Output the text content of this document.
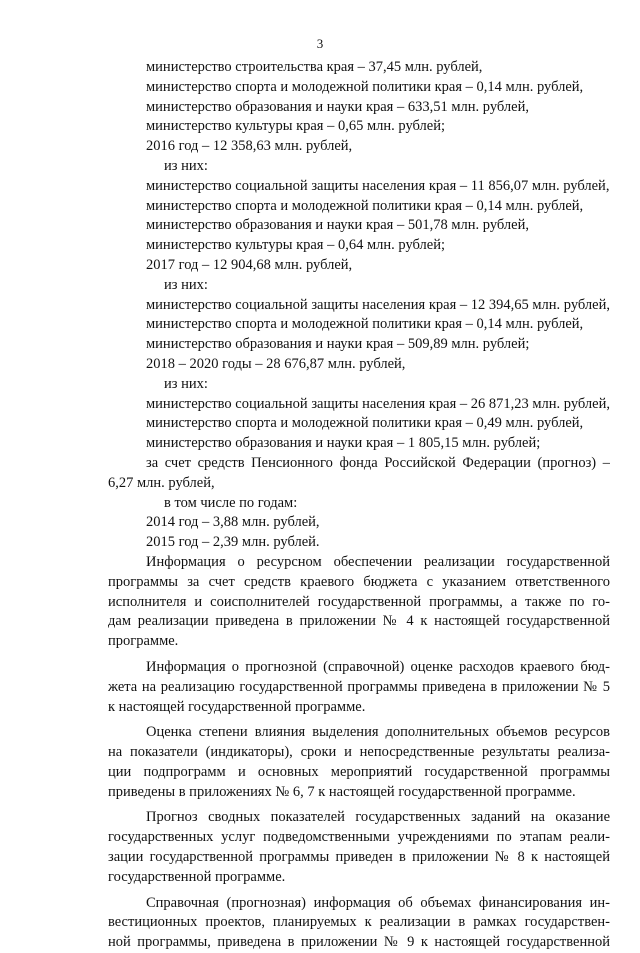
3
министерство строительства края – 37,45 млн. рублей,
министерство спорта и молодежной политики края – 0,14 млн. рублей,
министерство образования и науки края – 633,51 млн. рублей,
министерство культуры края – 0,65 млн. рублей;
2016 год – 12 358,63 млн. рублей,
из них:
министерство социальной защиты населения края – 11 856,07 млн. рублей,
министерство спорта и молодежной политики края – 0,14 млн. рублей,
министерство образования и науки края – 501,78 млн. рублей,
министерство культуры края – 0,64 млн. рублей;
2017 год – 12 904,68 млн. рублей,
из них:
министерство социальной защиты населения края – 12 394,65 млн. рублей,
министерство спорта и молодежной политики края – 0,14 млн. рублей,
министерство образования и науки края – 509,89 млн. рублей;
2018 – 2020 годы – 28 676,87 млн. рублей,
из них:
министерство социальной защиты населения края – 26 871,23 млн. рублей,
министерство спорта и молодежной политики края – 0,49 млн. рублей,
министерство образования и науки края – 1 805,15 млн. рублей;
за счет средств Пенсионного фонда Российской Федерации (прогноз) –
6,27 млн. рублей,
в том числе по годам:
2014 год – 3,88 млн. рублей,
2015 год – 2,39 млн. рублей.
Информация о ресурсном обеспечении реализации государственной
программы за счет средств краевого бюджета с указанием ответственного
исполнителя и соисполнителей государственной программы, а также по го-
дам реализации приведена в приложении № 4 к настоящей государственной
программе.
Информация о прогнозной (справочной) оценке расходов краевого бюд-
жета на реализацию государственной программы приведена в приложении № 5
к настоящей государственной программе.
Оценка степени влияния выделения дополнительных объемов ресурсов
на показатели (индикаторы), сроки и непосредственные результаты реализа-
ции подпрограмм и основных мероприятий государственной программы
приведены в приложениях № 6, 7 к настоящей государственной программе.
Прогноз сводных показателей государственных заданий на оказание
государственных услуг подведомственными учреждениями по этапам реали-
зации государственной программы приведен в приложении № 8 к настоящей
государственной программе.
Справочная (прогнозная) информация об объемах финансирования ин-
вестиционных проектов, планируемых к реализации в рамках государствен-
ной программы, приведена в приложении № 9 к настоящей государственной
